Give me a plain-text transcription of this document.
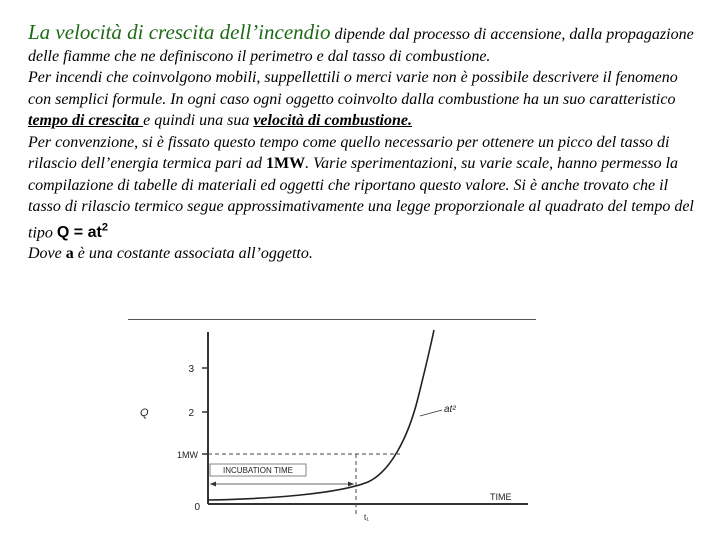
La velocità di crescita dell’incendio dipende dal processo di accensione, dalla propagazione delle fiamme che ne definiscono il perimetro e dal tasso di combustione.

Per incendi che coinvolgono mobili, suppellettili o merci varie non è possibile descrivere il fenomeno con semplici formule. In ogni caso ogni oggetto coinvolto dalla combustione ha un suo caratteristico tempo di crescita e quindi una sua velocità di combustione.

Per convenzione, si è fissato questo tempo come quello necessario per ottenere un picco del tasso di rilascio dell’energia termica pari ad 1MW. Varie sperimentazioni, su varie scale, hanno permesso la compilazione di tabelle di materiali ed oggetti che riportano questo valore. Si è anche trovato che il tasso di rilascio termico segue approssimativamente una legge proporzionale al quadrato del tempo del tipo $Q = at^2$

Dove a è una costante associata all’oggetto.

3
2
1MW
0
Q
t₁
INCUBATION TIME
at²
TIME
